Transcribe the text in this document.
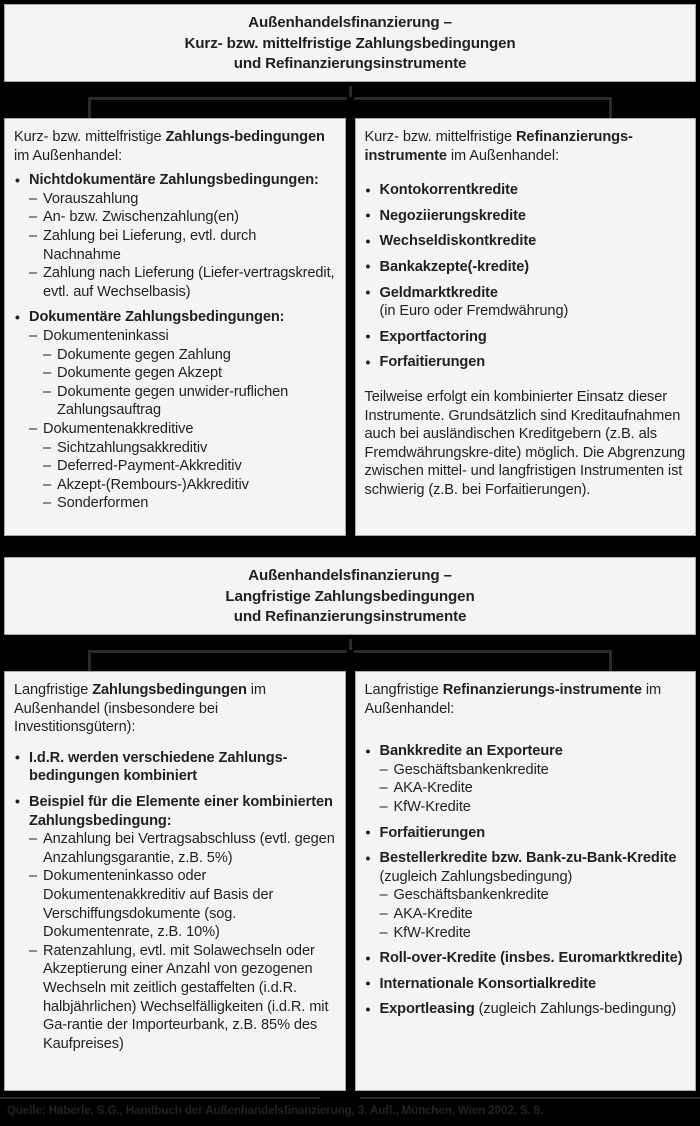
Außenhandelsfinanzierung –
Kurz- bzw. mittelfristige Zahlungsbedingungen
und Refinanzierungsinstrumente

Kurz- bzw. mittelfristige Zahlungs-bedingungen im Außenhandel:

• Nichtdokumentäre Zahlungsbedingungen:
– Vorauszahlung
– An- bzw. Zwischenzahlung(en)
– Zahlung bei Lieferung, evtl. durch Nachnahme
– Zahlung nach Lieferung (Liefer-vertragskredit, evtl. auf Wechselbasis)
• Dokumentäre Zahlungsbedingungen:
– Dokumenteninkassi
– Dokumente gegen Zahlung
– Dokumente gegen Akzept
– Dokumente gegen unwider-ruflichen Zahlungsauftrag
– Dokumentenakkreditive
– Sichtzahlungsakkreditiv
– Deferred-Payment-Akkreditiv
– Akzept-(Rembours-)Akkreditiv
– Sonderformen

Kurz- bzw. mittelfristige Refinanzierungs-instrumente im Außenhandel:

• Kontokorrentkredite
• Negoziierungskredite
• Wechseldiskontkredite
• Bankakzepte(-kredite)
• Geldmarktkredite
(in Euro oder Fremdwährung)
• Exportfactoring
• Forfaitierungen

Teilweise erfolgt ein kombinierter Einsatz dieser Instrumente. Grundsätzlich sind Kreditaufnahmen auch bei ausländischen Kreditgebern (z.B. als Fremdwährungskre-dite) möglich. Die Abgrenzung zwischen mittel- und langfristigen Instrumenten ist schwierig (z.B. bei Forfaitierungen).

Außenhandelsfinanzierung –
Langfristige Zahlungsbedingungen
und Refinanzierungsinstrumente

Langfristige Zahlungsbedingungen im Außenhandel (insbesondere bei Investitionsgütern):

• I.d.R. werden verschiedene Zahlungs-bedingungen kombiniert
• Beispiel für die Elemente einer kombinierten Zahlungsbedingung:
– Anzahlung bei Vertragsabschluss (evtl. gegen Anzahlungsgarantie, z.B. 5%)
– Dokumenteninkasso oder Dokumentenakkreditiv auf Basis der Verschiffungsdokumente (sog. Dokumentenrate, z.B. 10%)
– Ratenzahlung, evtl. mit Solawechseln oder Akzeptierung einer Anzahl von gezogenen Wechseln mit zeitlich gestaffelten (i.d.R. halbjährlichen) Wechselfälligkeiten (i.d.R. mit Ga-rantie der Importeurbank, z.B. 85% des Kaufpreises)

Langfristige Refinanzierungs-instrumente im Außenhandel:

• Bankkredite an Exporteure
– Geschäftsbankenkredite
– AKA-Kredite
– KfW-Kredite
• Forfaitierungen
• Bestellerkredite bzw. Bank-zu-Bank-Kredite (zugleich Zahlungsbedingung)
– Geschäftsbankenkredite
– AKA-Kredite
– KfW-Kredite
• Roll-over-Kredite (insbes. Euromarktkredite)
• Internationale Konsortialkredite
• Exportleasing (zugleich Zahlungs-bedingung)
Quelle: Häberle, S.G., Handbuch der Außenhandelsfinanzierung, 3. Aufl., München, Wien 2002, S. 8.
